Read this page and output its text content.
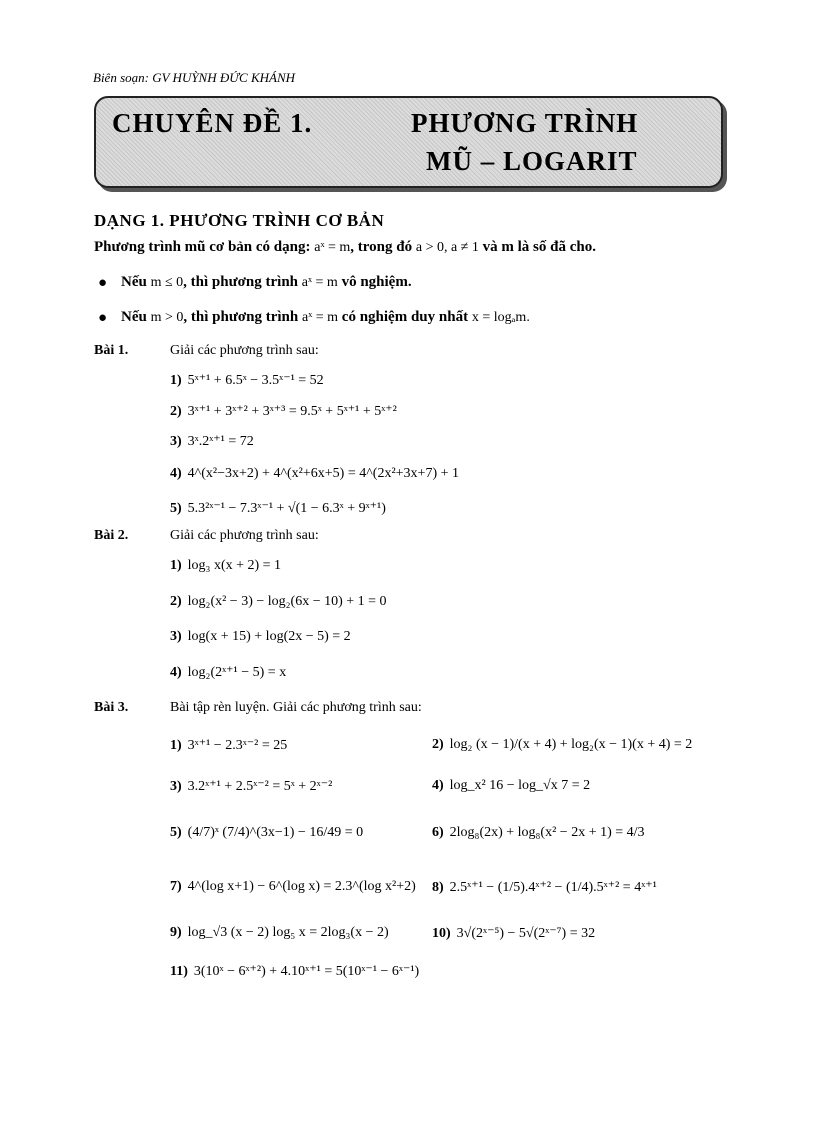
Biên soạn: GV HUỲNH ĐỨC KHÁNH
CHUYÊN ĐỀ 1.	PHƯƠNG TRÌNH
MŨ – LOGARIT
DẠNG 1. PHƯƠNG TRÌNH CƠ BẢN
Phương trình mũ cơ bản có dạng: aˣ = m, trong đó a > 0, a ≠ 1 và m là số đã cho.
● Nếu m ≤ 0, thì phương trình aˣ = m vô nghiệm.
● Nếu m > 0, thì phương trình aˣ = m có nghiệm duy nhất x = logₐm.
Bài 1.	Giải các phương trình sau:
1) 5ˣ⁺¹ + 6.5ˣ − 3.5ˣ⁻¹ = 52
2) 3ˣ⁺¹ + 3ˣ⁺² + 3ˣ⁺³ = 9.5ˣ + 5ˣ⁺¹ + 5ˣ⁺²
3) 3ˣ.2ˣ⁺¹ = 72
4) 4^(x²−3x+2) + 4^(x²+6x+5) = 4^(2x²+3x+7) + 1
5) 5.3²ˣ⁻¹ − 7.3ˣ⁻¹ + √(1 − 6.3ˣ + 9ˣ⁺¹)
Bài 2.	Giải các phương trình sau:
1) log₃ x(x + 2) = 1
2) log₂(x² − 3) − log₂(6x − 10) + 1 = 0
3) log(x + 15) + log(2x − 5) = 2
4) log₂(2ˣ⁺¹ − 5) = x
Bài 3.	Bài tập rèn luyện. Giải các phương trình sau:
1) 3ˣ⁺¹ − 2.3ˣ⁻² = 25	2) log₂ (x − 1)/(x + 4) + log₂(x − 1)(x + 4) = 2
3) 3.2ˣ⁺¹ + 2.5ˣ⁻² = 5ˣ + 2ˣ⁻²	4) log_x² 16 − log_√x 7 = 2
5) (4/7)ˣ (7/4)^(3x−1) − 16/49 = 0	6) 2log₈(2x) + log₈(x² − 2x + 1) = 4/3
7) 4^(log x+1) − 6^(log x) = 2.3^(log x²+2) 8) 2.5ˣ⁺¹ − (1/5).4ˣ⁺² − (1/4).5ˣ⁺² = 4ˣ⁺¹
9) log_√3 (x − 2) log₅ x = 2log₃(x − 2)	10) 3√(2ˣ⁻⁵) − 5√(2ˣ⁻⁷) = 32
11) 3(10ˣ − 6ˣ⁺²) + 4.10ˣ⁺¹ = 5(10ˣ⁻¹ − 6ˣ⁻¹)
